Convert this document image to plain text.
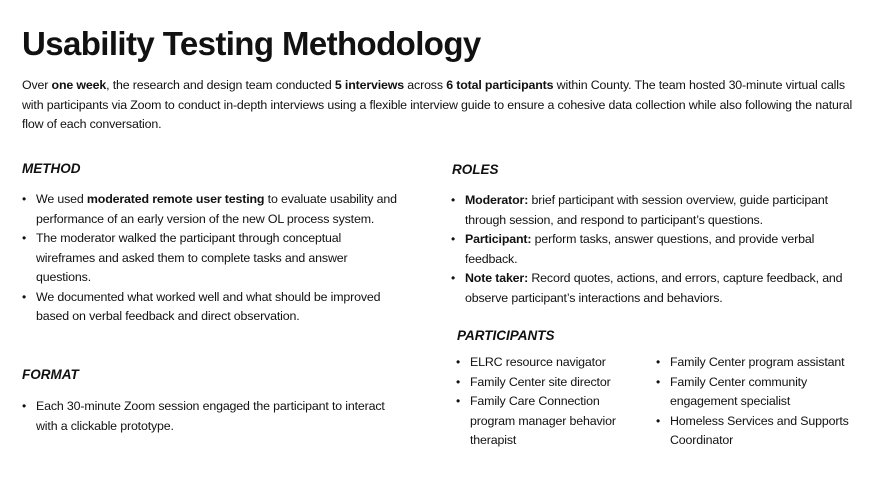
Usability Testing Methodology

Over one week, the research and design team conducted 5 interviews across 6 total participants within County. The team hosted 30-minute virtual calls with participants via Zoom to conduct in-depth interviews using a flexible interview guide to ensure a cohesive data collection while also following the natural flow of each conversation.

METHOD
• We used moderated remote user testing to evaluate usability and performance of an early version of the new OL process system.
• The moderator walked the participant through conceptual wireframes and asked them to complete tasks and answer questions.
• We documented what worked well and what should be improved based on verbal feedback and direct observation.
FORMAT
• Each 30-minute Zoom session engaged the participant to interact with a clickable prototype.
ROLES
• Moderator: brief participant with session overview, guide participant through session, and respond to participant’s questions.
• Participant: perform tasks, answer questions, and provide verbal feedback.
• Note taker: Record quotes, actions, and errors, capture feedback, and observe participant’s interactions and behaviors.
PARTICIPANTS
• ELRC resource navigator
• Family Center site director
• Family Care Connection program manager behavior therapist
• Family Center program assistant
• Family Center community engagement specialist
• Homeless Services and Supports Coordinator
